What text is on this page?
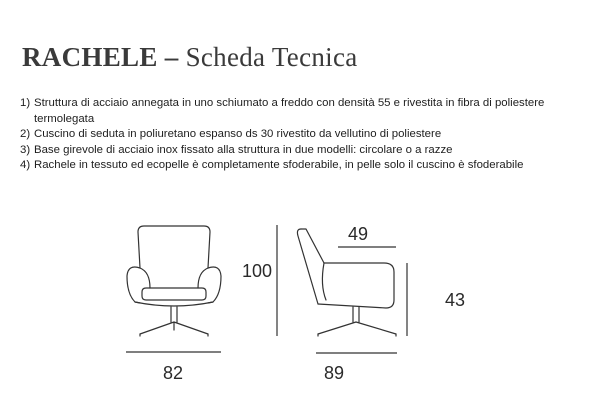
RACHELE – Scheda Tecnica
1) Struttura di acciaio annegata in uno schiumato a freddo con densità 55 e rivestita in fibra di poliestere
termolegata
2) Cuscino di seduta in poliuretano espanso ds 30 rivestito da vellutino di poliestere
3) Base girevole di acciaio inox fissato alla struttura in due modelli: circolare o a razze
4) Rachele in tessuto ed ecopelle è completamente sfoderabile, in pelle solo il cuscino è sfoderabile
82	89
100
49
43
